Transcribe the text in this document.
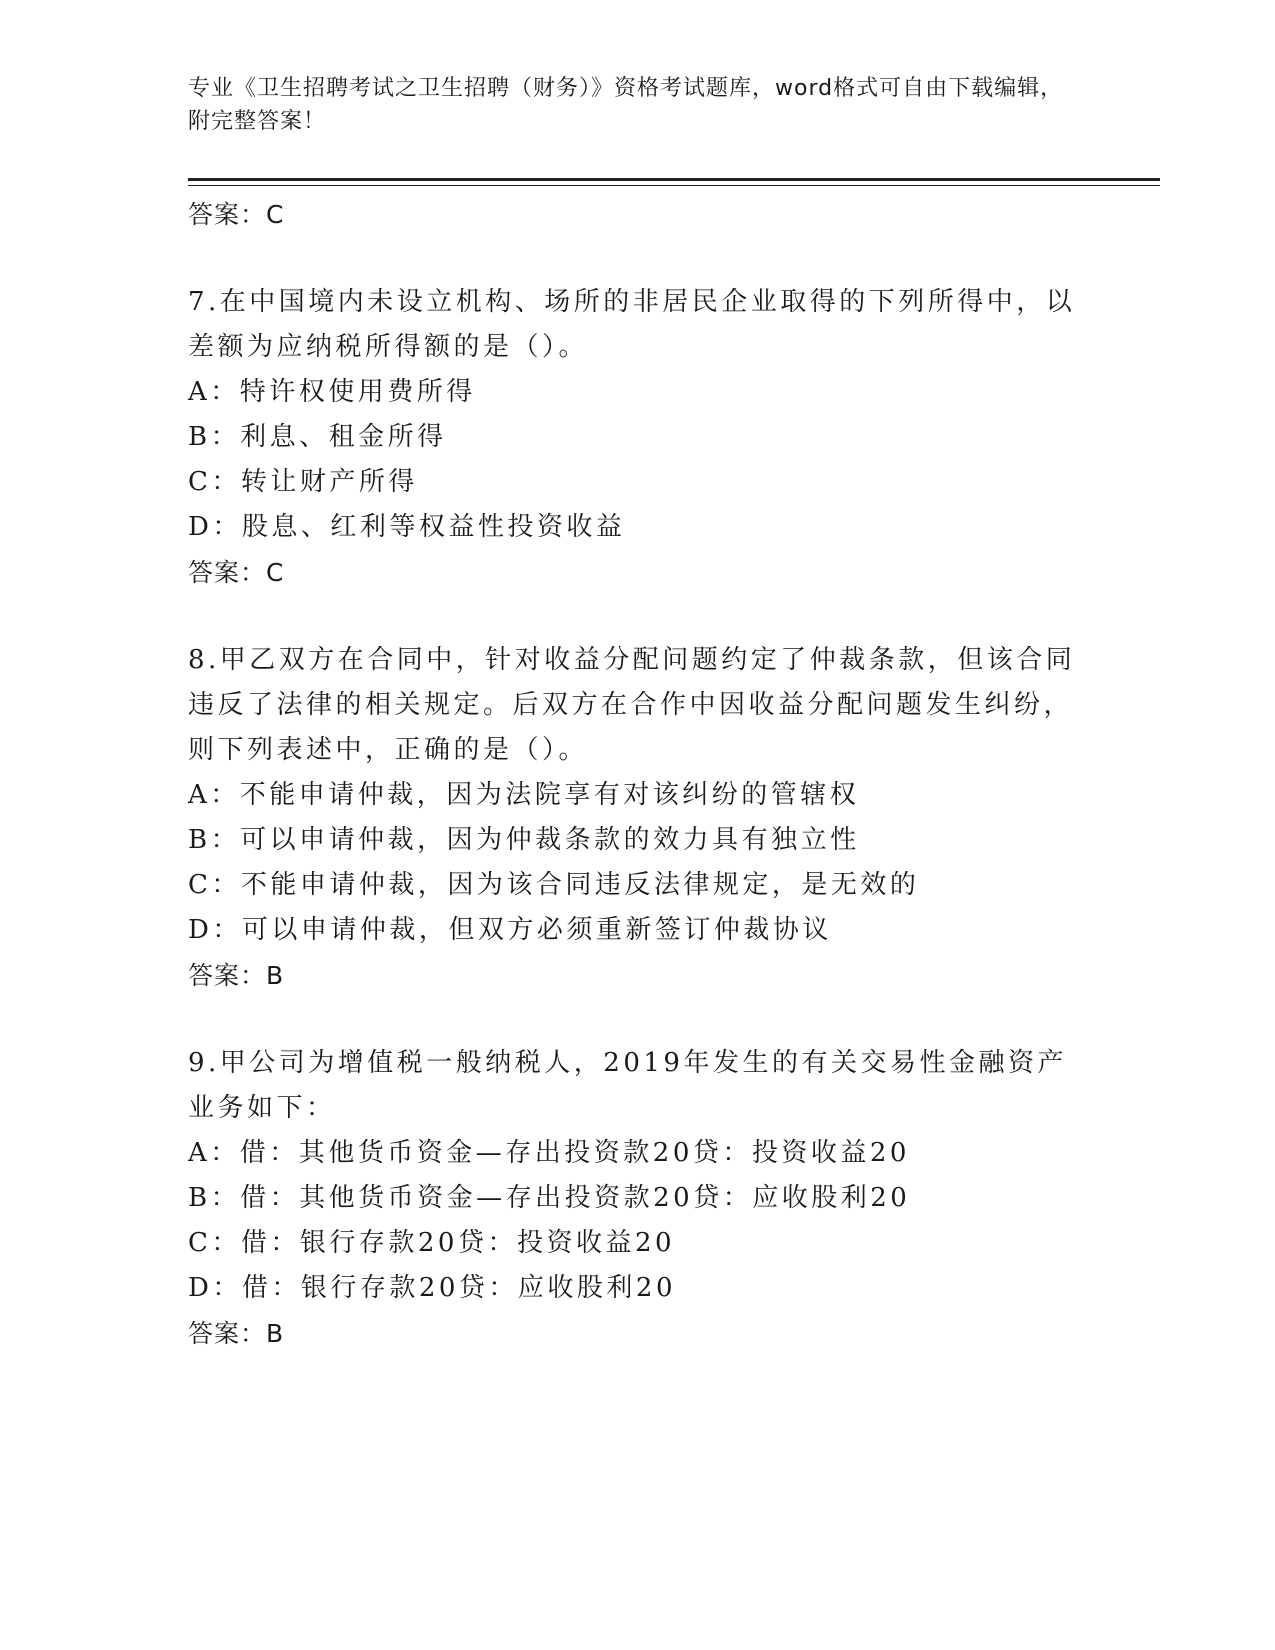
专业《卫生招聘考试之卫生招聘（财务）》资格考试题库，word格式可自由下载编辑，附完整答案！
答案：C

7.在中国境内未设立机构、场所的非居民企业取得的下列所得中，以差额为应纳税所得额的是（）。

A：特许权使用费所得
B：利息、租金所得
C：转让财产所得
D：股息、红利等权益性投资收益
答案：C

8.甲乙双方在合同中，针对收益分配问题约定了仲裁条款，但该合同违反了法律的相关规定。后双方在合作中因收益分配问题发生纠纷，则下列表述中，正确的是（）。

A：不能申请仲裁，因为法院享有对该纠纷的管辖权
B：可以申请仲裁，因为仲裁条款的效力具有独立性
C：不能申请仲裁，因为该合同违反法律规定，是无效的
D：可以申请仲裁，但双方必须重新签订仲裁协议
答案：B

9.甲公司为增值税一般纳税人，2019年发生的有关交易性金融资产业务如下：

A：借：其他货币资金—存出投资款20贷：投资收益20
B：借：其他货币资金—存出投资款20贷：应收股利20
C：借：银行存款20贷：投资收益20
D：借：银行存款20贷：应收股利20
答案：B
